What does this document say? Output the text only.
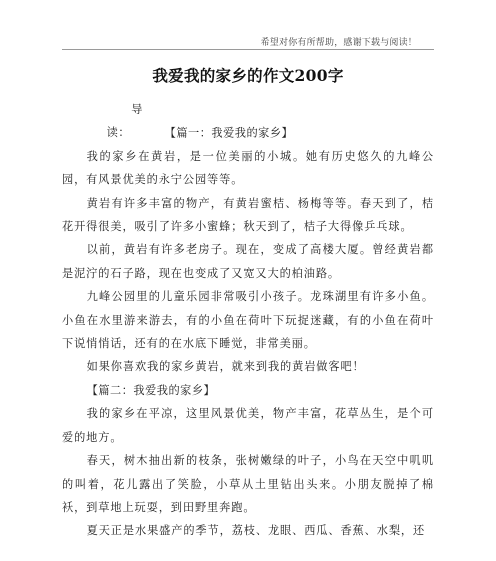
希望对你有所帮助，感谢下载与阅读！
我爱我的家乡的作文200字

导读：	【篇一：我爱我的家乡】

我的家乡在黄岩，是一位美丽的小城。她有历史悠久的九峰公园，有风景优美的永宁公园等等。

黄岩有许多丰富的物产，有黄岩蜜桔、杨梅等等。春天到了，桔花开得很美，吸引了许多小蜜蜂；秋天到了，桔子大得像乒乓球。

以前，黄岩有许多老房子。现在，变成了高楼大厦。曾经黄岩都是泥泞的石子路，现在也变成了又宽又大的柏油路。

九峰公园里的儿童乐园非常吸引小孩子。龙珠湖里有许多小鱼。小鱼在水里游来游去，有的小鱼在荷叶下玩捉迷藏，有的小鱼在荷叶下说悄悄话，还有的在水底下睡觉，非常美丽。

如果你喜欢我的家乡黄岩，就来到我的黄岩做客吧！

【篇二：我爱我的家乡】

我的家乡在平凉，这里风景优美，物产丰富，花草丛生，是个可爱的地方。

春天，树木抽出新的枝条，张树嫩绿的叶子，小鸟在天空中叽叽的叫着，花儿露出了笑脸，小草从土里钻出头来。小朋友脱掉了棉袄，到草地上玩耍，到田野里奔跑。

夏天正是水果盛产的季节，荔枝、龙眼、西瓜、香蕉、水梨，还
